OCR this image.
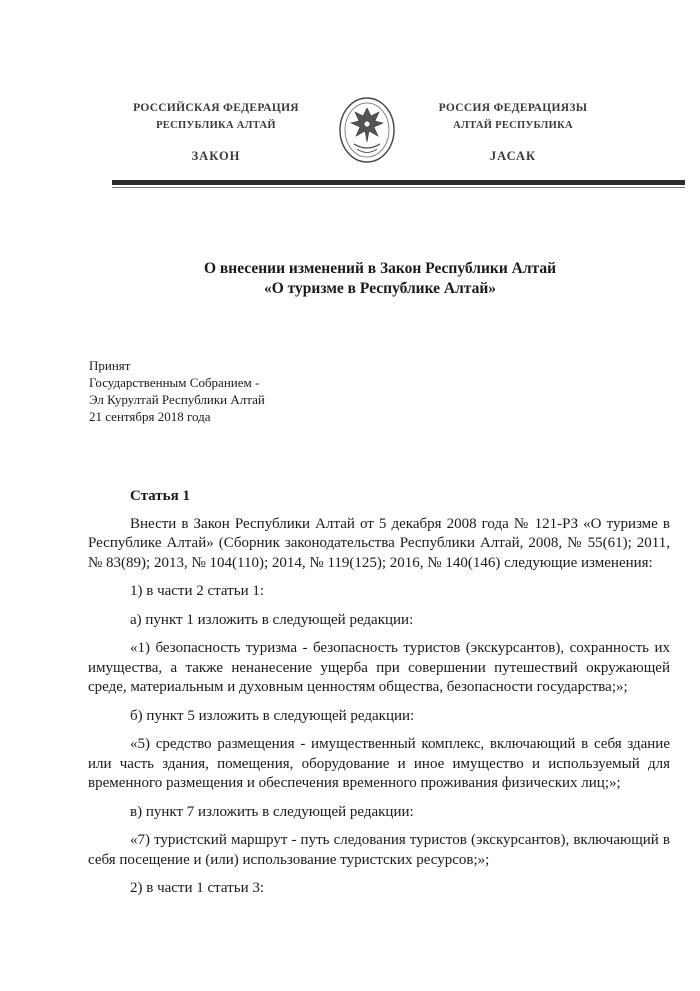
РОССИЙСКАЯ ФЕДЕРАЦИЯ
РЕСПУБЛИКА АЛТАЙ
ЗАКОН
РОССИЯ ФЕДЕРАЦИЯЗЫ
АЛТАЙ РЕСПУБЛИКА
JАСАК
О внесении изменений в Закон Республики Алтай
«О туризме в Республике Алтай»
Принят
Государственным Собранием -
Эл Курултай Республики Алтай
21 сентября 2018 года
Статья 1

Внести в Закон Республики Алтай от 5 декабря 2008 года № 121-РЗ «О туризме в Республике Алтай» (Сборник законодательства Республики Алтай, 2008, № 55(61); 2011, № 83(89); 2013, № 104(110); 2014, № 119(125); 2016, № 140(146) следующие изменения:

1) в части 2 статьи 1:

а) пункт 1 изложить в следующей редакции:

«1) безопасность туризма - безопасность туристов (экскурсантов), сохранность их имущества, а также ненанесение ущерба при совершении путешествий окружающей среде, материальным и духовным ценностям общества, безопасности государства;»;

б) пункт 5 изложить в следующей редакции:

«5) средство размещения - имущественный комплекс, включающий в себя здание или часть здания, помещения, оборудование и иное имущество и используемый для временного размещения и обеспечения временного проживания физических лиц;»;

в) пункт 7 изложить в следующей редакции:

«7) туристский маршрут - путь следования туристов (экскурсантов), включающий в себя посещение и (или) использование туристских ресурсов;»;

2) в части 1 статьи 3:
